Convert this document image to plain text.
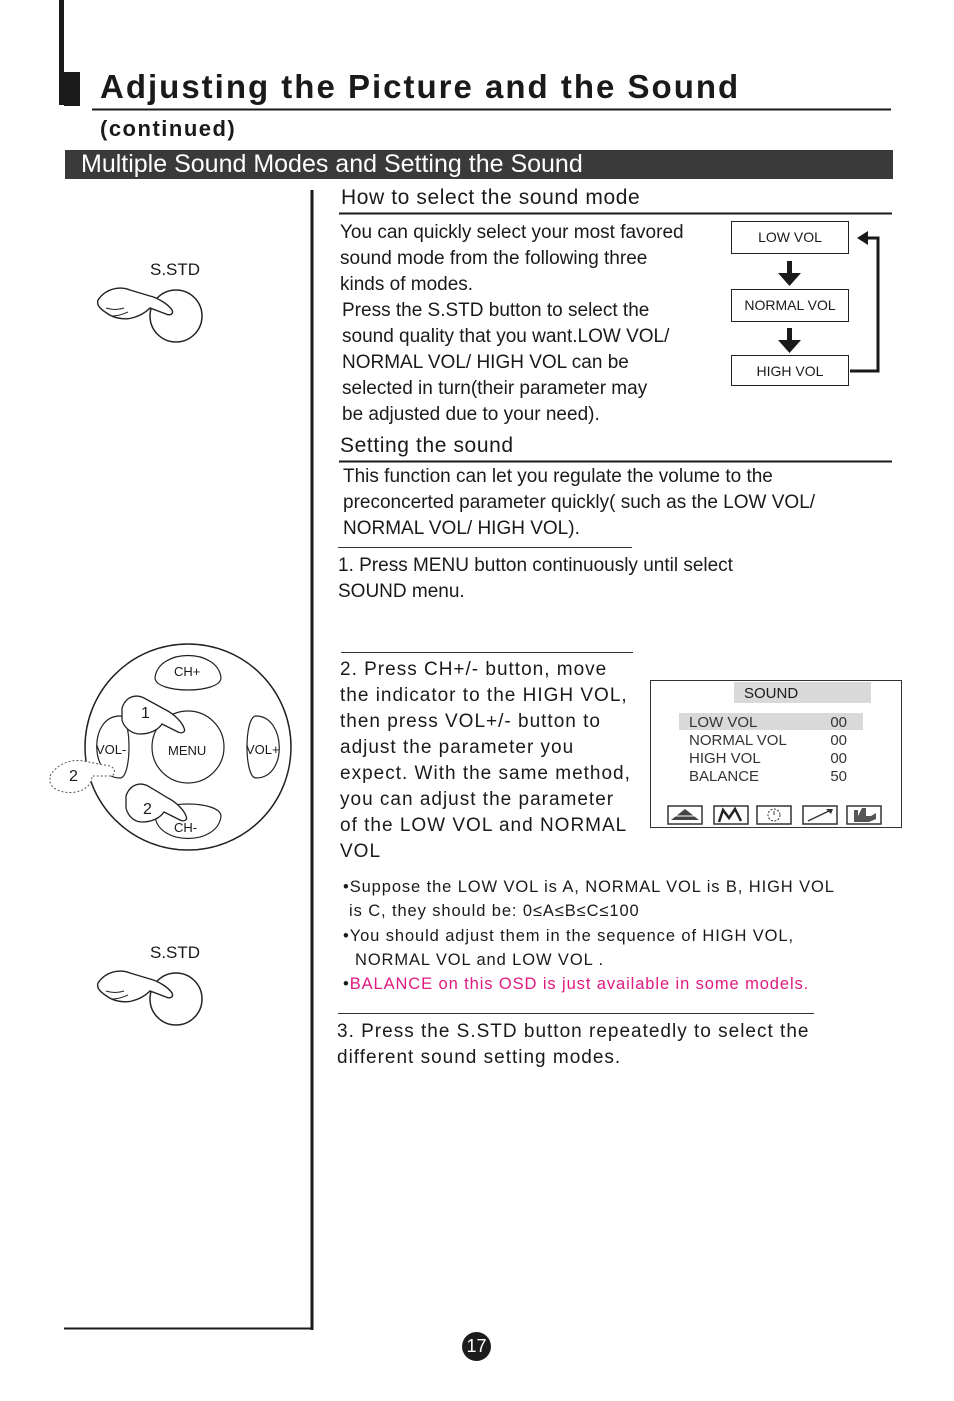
Adjusting the Picture and the Sound
(continued)
Multiple Sound Modes and Setting the Sound
How to select the sound mode
You can quickly select your most favored
sound mode from the following three
kinds of modes.
Press the S.STD button to select the
sound quality that you want.LOW VOL/
NORMAL VOL/ HIGH VOL can be
selected in turn(their parameter may
be adjusted due to your need).
LOW VOL
NORMAL VOL
HIGH VOL
Setting the sound
This function can let you regulate the volume to the
preconcerted parameter quickly( such as the LOW VOL/
NORMAL VOL/ HIGH VOL).
1. Press MENU button continuously until select
SOUND menu.
2. Press CH+/- button, move
the indicator to the HIGH VOL,
then press VOL+/- button to
adjust the parameter you
expect. With the same method,
you can adjust the parameter
of the LOW VOL and NORMAL
VOL
SOUND
LOW VOL
NORMAL VOL
HIGH VOL
BALANCE
00
00
00
50
•Suppose the LOW VOL is A, NORMAL VOL is B, HIGH VOL
is C, they should be: 0≤A≤B≤C≤100
•You should adjust them in the sequence of HIGH VOL,
NORMAL VOL and LOW VOL .
•BALANCE on this OSD is just available in some models.
3. Press the S.STD button repeatedly to select the
different sound setting modes.
S.STD
S.STD
CH+
CH-
VOL-	VOL+
MENU
1
2
2
17
